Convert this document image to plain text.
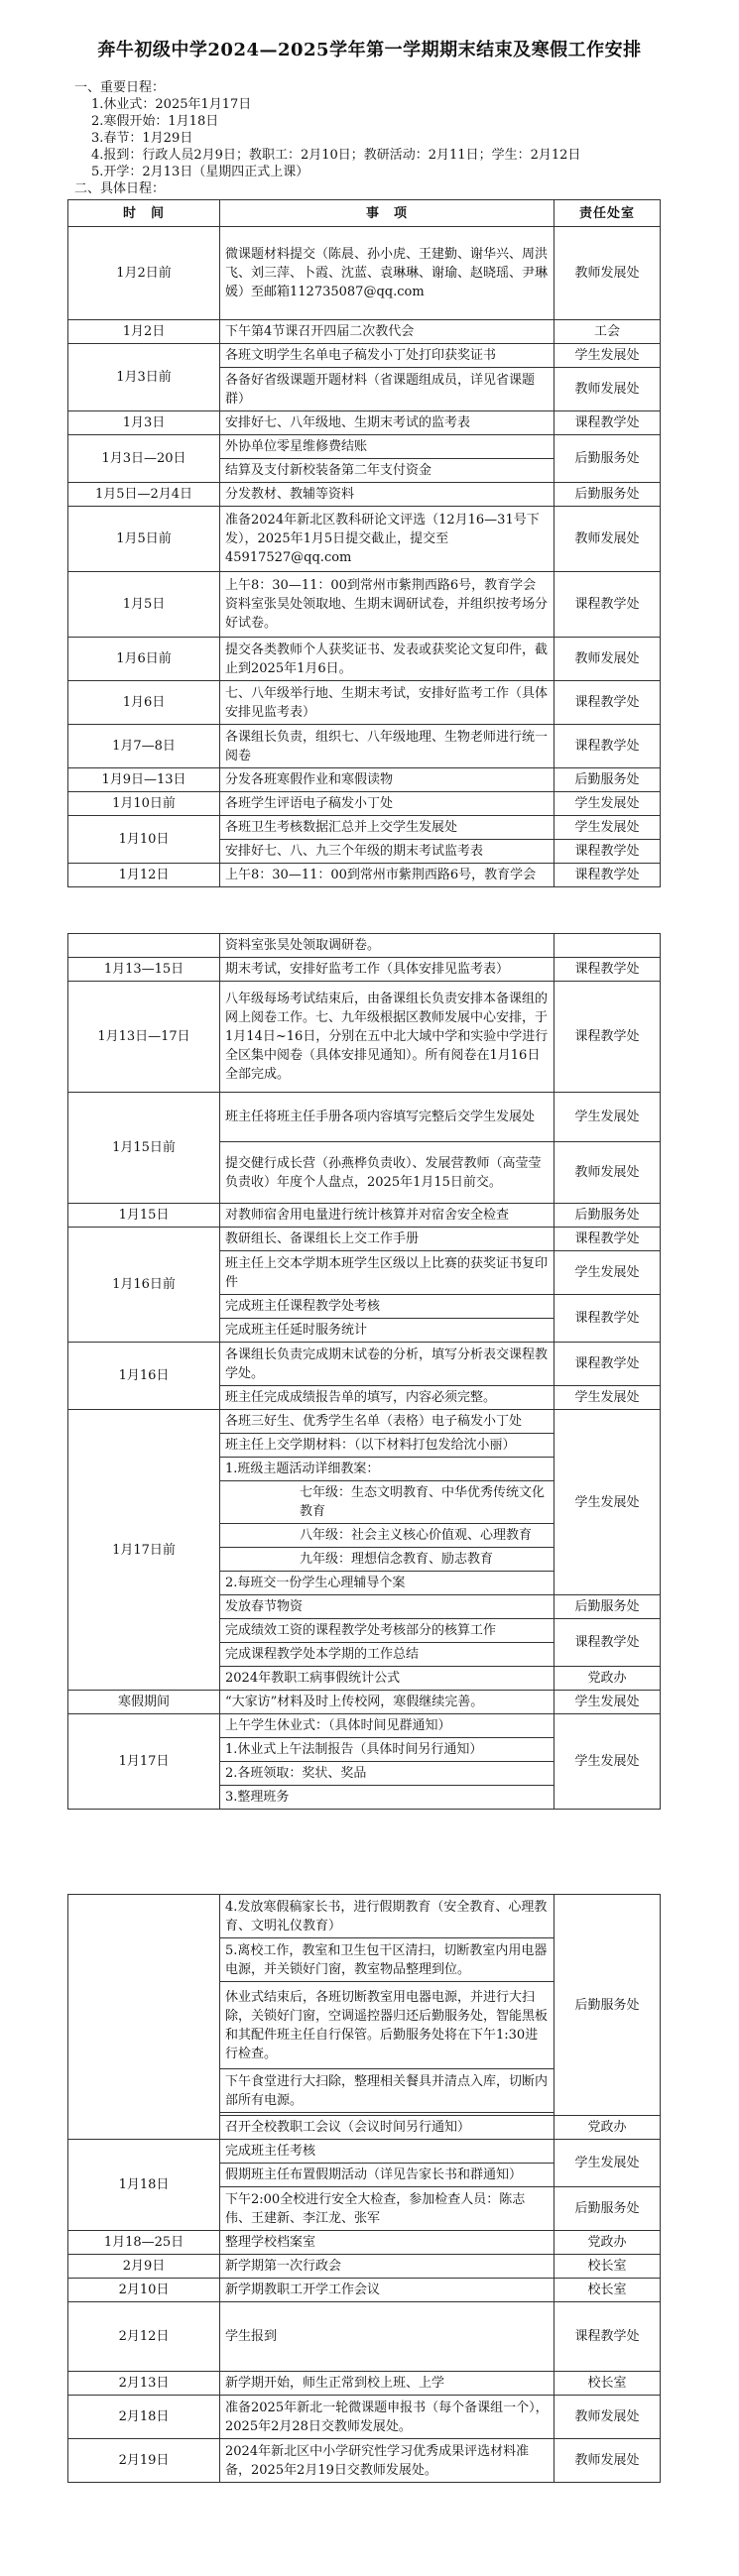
奔牛初级中学2024—2025学年第一学期期末结束及寒假工作安排
一、重要日程：
1.休业式：2025年1月17日
2.寒假开始：1月18日
3.春节：1月29日
4.报到：行政人员2月9日；教职工：2月10日；教研活动：2月11日；学生：2月12日
5.开学：2月13日（星期四正式上课）
二、具体日程：
时　间	事　项	责任处室
1月2日前	微课题材料提交（陈晨、孙小虎、王建勤、谢华兴、周洪飞、刘三萍、卜霞、沈蓝、袁琳琳、谢瑜、赵晓瑶、尹琳媛）至邮箱112735087@qq.com	教师发展处
1月2日	下午第4节课召开四届二次教代会	工会
1月3日前	各班文明学生名单电子稿发小丁处打印获奖证书	学生发展处
	各备好省级课题开题材料（省课题组成员，详见省课题群）	教师发展处
1月3日	安排好七、八年级地、生期末考试的监考表	课程教学处
1月3日—20日	外协单位零星维修费结账	后勤服务处
	结算及支付新校装备第二年支付资金	
1月5日—2月4日	分发教材、教辅等资料	后勤服务处
1月5日前	准备2024年新北区教科研论文评选（12月16—31号下发），2025年1月5日提交截止，提交至45917527@qq.com	教师发展处
1月5日	上午8：30—11：00到常州市紫荆西路6号，教育学会资料室张昊处领取地、生期末调研试卷，并组织按考场分好试卷。	课程教学处
1月6日前	提交各类教师个人获奖证书、发表或获奖论文复印件，截止到2025年1月6日。	教师发展处
1月6日	七、八年级举行地、生期末考试，安排好监考工作（具体安排见监考表）	课程教学处
1月7—8日	各课组长负责，组织七、八年级地理、生物老师进行统一阅卷	课程教学处
1月9日—13日	分发各班寒假作业和寒假读物	后勤服务处
1月10日前	各班学生评语电子稿发小丁处	学生发展处
1月10日	各班卫生考核数据汇总并上交学生发展处	学生发展处
	安排好七、八、九三个年级的期末考试监考表	课程教学处
1月12日	上午8：30—11：00到常州市紫荆西路6号，教育学会	课程教学处
	资料室张昊处领取调研卷。	
1月13—15日	期末考试，安排好监考工作（具体安排见监考表）	课程教学处
1月13日—17日	八年级每场考试结束后，由备课组长负责安排本备课组的网上阅卷工作。七、九年级根据区教师发展中心安排，于1月14日~16日，分别在五中北大域中学和实验中学进行全区集中阅卷（具体安排见通知）。所有阅卷在1月16日全部完成。	课程教学处
1月15日前	班主任将班主任手册各项内容填写完整后交学生发展处	学生发展处
	提交健行成长营（孙燕桦负责收）、发展营教师（高莹莹负责收）年度个人盘点，2025年1月15日前交。	教师发展处
1月15日	对教师宿舍用电量进行统计核算并对宿舍安全检查	后勤服务处
1月16日前	教研组长、备课组长上交工作手册	课程教学处
	班主任上交本学期本班学生区级以上比赛的获奖证书复印件	学生发展处
	完成班主任课程教学处考核	课程教学处
	完成班主任延时服务统计	
1月16日	各课组长负责完成期末试卷的分析，填写分析表交课程教学处。	课程教学处
	班主任完成成绩报告单的填写，内容必须完整。	学生发展处
1月17日前	各班三好生、优秀学生名单（表格）电子稿发小丁处	学生发展处
	班主任上交学期材料：（以下材料打包发给沈小丽）	
	1.班级主题活动详细教案：	
	七年级：生态文明教育、中华优秀传统文化教育	
	八年级：社会主义核心价值观、心理教育	
	九年级：理想信念教育、励志教育	
	2.每班交一份学生心理辅导个案	
	发放春节物资	后勤服务处
	完成绩效工资的课程教学处考核部分的核算工作	课程教学处
	完成课程教学处本学期的工作总结	
	2024年教职工病事假统计公式	党政办
寒假期间	“大家访”材料及时上传校网，寒假继续完善。	学生发展处
1月17日	上午学生休业式：（具体时间见群通知）	学生发展处
	1.休业式上午法制报告（具体时间另行通知）	
	2.各班领取：奖状、奖品	
	3.整理班务	
	4.发放寒假稿家长书，进行假期教育（安全教育、心理教育、文明礼仪教育）	后勤服务处
	5.离校工作，教室和卫生包干区清扫，切断教室内用电器电源，并关锁好门窗，教室物品整理到位。	
	休业式结束后，各班切断教室用电器电源，并进行大扫除，关锁好门窗，空调遥控器归还后勤服务处，智能黑板和其配件班主任自行保管。后勤服务处将在下午1:30进行检查。	
	下午食堂进行大扫除，整理相关餐具并清点入库，切断内部所有电源。	

	召开全校教职工会议（会议时间另行通知）	党政办
1月18日	完成班主任考核	学生发展处
	假期班主任布置假期活动（详见告家长书和群通知）	
	下午2:00全校进行安全大检查，参加检查人员：陈志伟、王建新、李江龙、张军	后勤服务处
1月18—25日	整理学校档案室	党政办
2月9日	新学期第一次行政会	校长室
2月10日	新学期教职工开学工作会议	校长室
2月12日	学生报到	课程教学处
2月13日	新学期开始，师生正常到校上班、上学	校长室
2月18日	准备2025年新北一轮微课题申报书（每个备课组一个），2025年2月28日交教师发展处。	教师发展处
2月19日	2024年新北区中小学研究性学习优秀成果评选材料准备，2025年2月19日交教师发展处。	教师发展处
